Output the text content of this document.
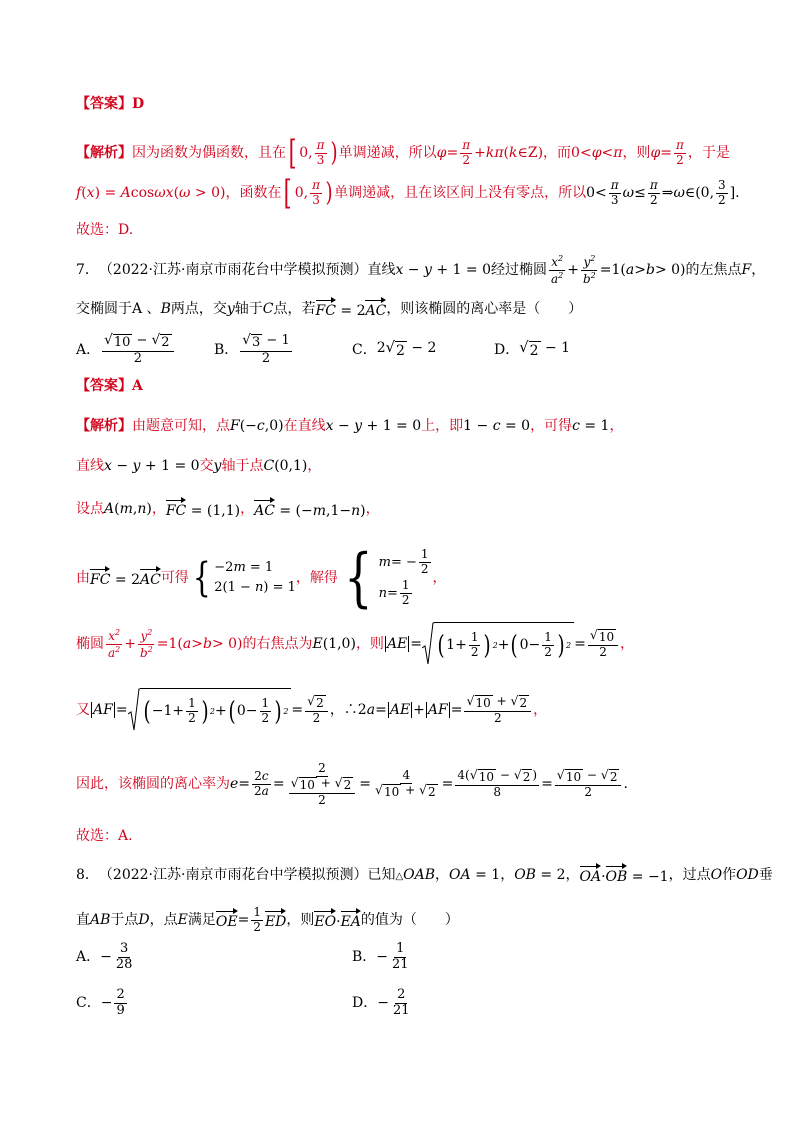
【答案】D
【解析】 因为函数为偶函数，且在 [ 0, $\frac{\pi}{3}$ ) 单调递减，所以 $\varphi = \frac{\pi}{2} + k\pi$ ( k ∈Z) ，而 0<φ<π ，则 $\varphi = \frac{\pi}{2}$ ，于是
f(x) = Acosωx(ω > 0) ，函数在 [ 0, $\frac{\pi}{3}$ ) 单调递减，且在该区间上没有零点，所以 $0< \frac{\pi}{3}$ $\omega \le \frac{\pi}{2}$ ⇒ ω ∈(0, $\frac{3}{2}$ ].
故选：D.
7． （2022·江苏·南京市雨花台中学模拟预测） 直线 x − y + 1 = 0 经过椭圆 $\frac{x^2}{a^2} + \frac{y^2}{b^2} =1$( a > b > 0) 的左焦点 F ，
交椭圆于A 、 B 两点，交 y 轴于 C 点，若 FC = 2AC ，则该椭圆的离心率是（　　）
A． $\frac{√ 10 - √ 2}{2}$	B． $\frac{√ 3 - 1}{2}$	C． 2 √ 2 − 2	D． √ 2 − 1
【答案】A
【解析】 由题意可知，点 F(−c,0) 在直线 x − y + 1 = 0 上，即 1 − c = 0 ，可得 c = 1 ，
直线 x − y + 1 = 0 交 y 轴于点 C(0,1) ，
设点 A(m,n) ， FC = (1,1) ， AC = (−m,1−n) ，
由 FC = 2AC 可得 { −2m = 1
2(1 − n) = 1
，解得 { m = − $\frac{1}{2}$
$n = \frac{1}{2}$
，
椭圆 $\frac{x^2}{a^2} + \frac{y^2}{b^2} =1$( a > b > 0) 的右焦点为 E(1,0) ，则 AE = ( $1+ \frac{1}{2}$ ) 2 + ( $0- \frac{1}{2}$ ) $2 = \frac{√ 10}{2}$ ，
又 AF = ( $-1+ \frac{1}{2}$ ) 2 + ( $0- \frac{1}{2}$ ) $2 = \frac{√ 2}{2}$ ，∴2 a = AE + AF = $\frac{√ 10 + √ 2}{2}$ ，
因此，该椭圆的离心率为 $e = \frac{2c}{2a} = \frac{2}{\frac{√ 10 + √ 2}{2}} = \frac{4}{√ 10 + √ 2} = \frac{4( √ 10 - √ 2 )}{8} = \frac{√ 10 - √ 2}{2}$ .
故选：A.
8． （2022·江苏·南京市雨花台中学模拟预测） 已知 △OAB ， OA = 1 ， OB = 2 ， OA·OB = −1 ，过点 O 作 OD 垂
直 AB 于点 D ，点 E 满足 OE = $\frac{1}{2}$ ED ，则 EO·EA 的值为（　　）
A． − $\frac{3}{28}$	B． − $\frac{1}{21}$
C． − $\frac{2}{9}$	D． − $\frac{2}{21}$
